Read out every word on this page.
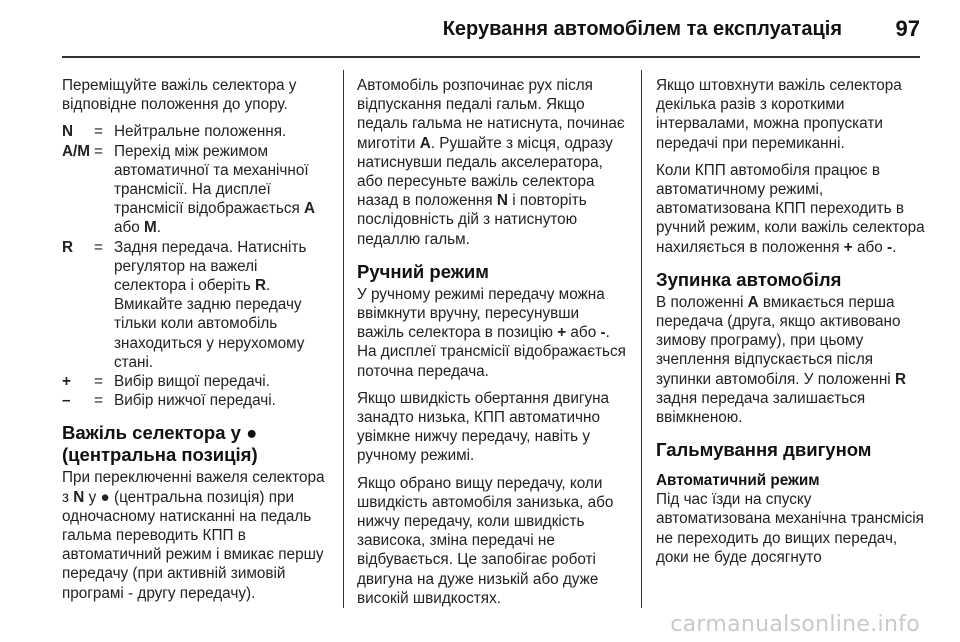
Керування автомобілем та експлуатація 97

Переміщуйте важіль селектора у відповідне положення до упору.

N	= Нейтральне положення.
A/M = Перехід між режимом автоматичної та механічної трансмісії. На дисплеї трансмісії відображається A або M.
R	= Задня передача. Натисніть регулятор на важелі селектора і оберіть R. Вмикайте задню передачу тільки коли автомобіль знаходиться у нерухомому стані.
+	= Вибір вищої передачі.
–	= Вибір нижчої передачі.
Важіль селектора у ●
(центральна позиція)

При переключенні важеля селектора з N у ● (центральна позиція) при одночасному натисканні на педаль гальма переводить КПП в автоматичний режим і вмикає першу передачу (при активній зимовій програмі - другу передачу).

Автомобіль розпочинає рух після відпускання педалі гальм. Якщо педаль гальма не натиснута, починає миготіти A. Рушайте з місця, одразу натиснувши педаль акселератора, або пересуньте важіль селектора назад в положення N і повторіть послідовність дій з натиснутою педаллю гальм.

Ручний режим

У ручному режимі передачу можна ввімкнути вручну, пересунувши важіль селектора в позицію + або -. На дисплеї трансмісії відображається поточна передача.

Якщо швидкість обертання двигуна занадто низька, КПП автоматично увімкне нижчу передачу, навіть у ручному режимі.

Якщо обрано вищу передачу, коли швидкість автомобіля занизька, або нижчу передачу, коли швидкість зависока, зміна передачі не відбувається. Це запобігає роботі двигуна на дуже низькій або дуже високій швидкостях.

Якщо штовхнути важіль селектора декілька разів з короткими інтервалами, можна пропускати передачі при перемиканні.

Коли КПП автомобіля працює в автоматичному режимі, автоматизована КПП переходить в ручний режим, коли важіль селектора нахиляється в положення + або -.

Зупинка автомобіля

В положенні A вмикається перша передача (друга, якщо активовано зимову програму), при цьому зчеплення відпускається після зупинки автомобіля. У положенні R задня передача залишається ввімкненою.

Гальмування двигуном
Автоматичний режим

Під час їзди на спуску автоматизована механічна трансмісія не переходить до вищих передач, доки не буде досягнуто

carmanualsonline.info
